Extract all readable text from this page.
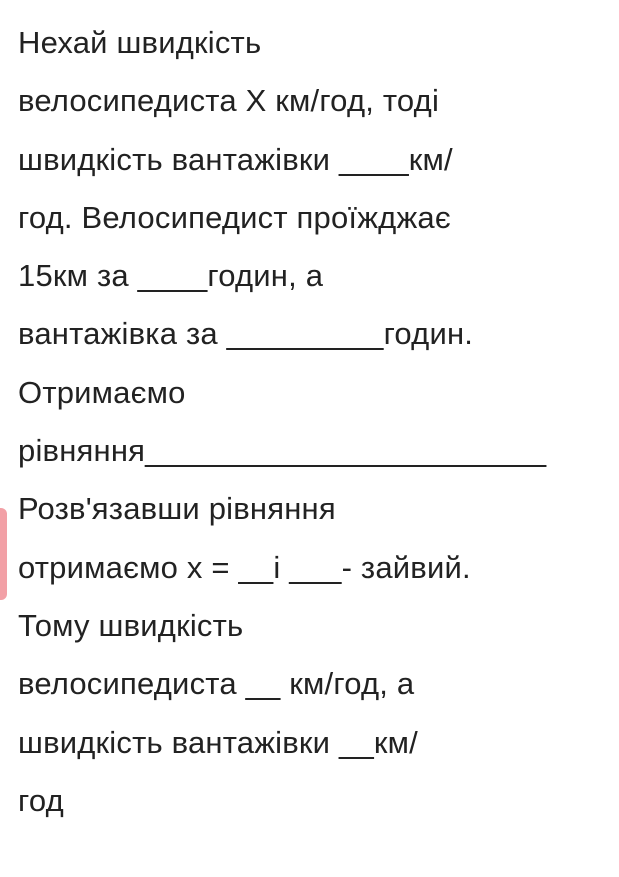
Нехай швидкість
велосипедиста X км/год, тоді
швидкість вантажівки ____км/
год. Велосипедист проїжджає
15км за ____годин, а
вантажівка за _________годин.
Отримаємо
рівняння_______________________
Розв'язавши рівняння
отримаємо х = __і ___- зайвий.
Тому швидкість
велосипедиста __ км/год, а
швидкість вантажівки __км/
год
